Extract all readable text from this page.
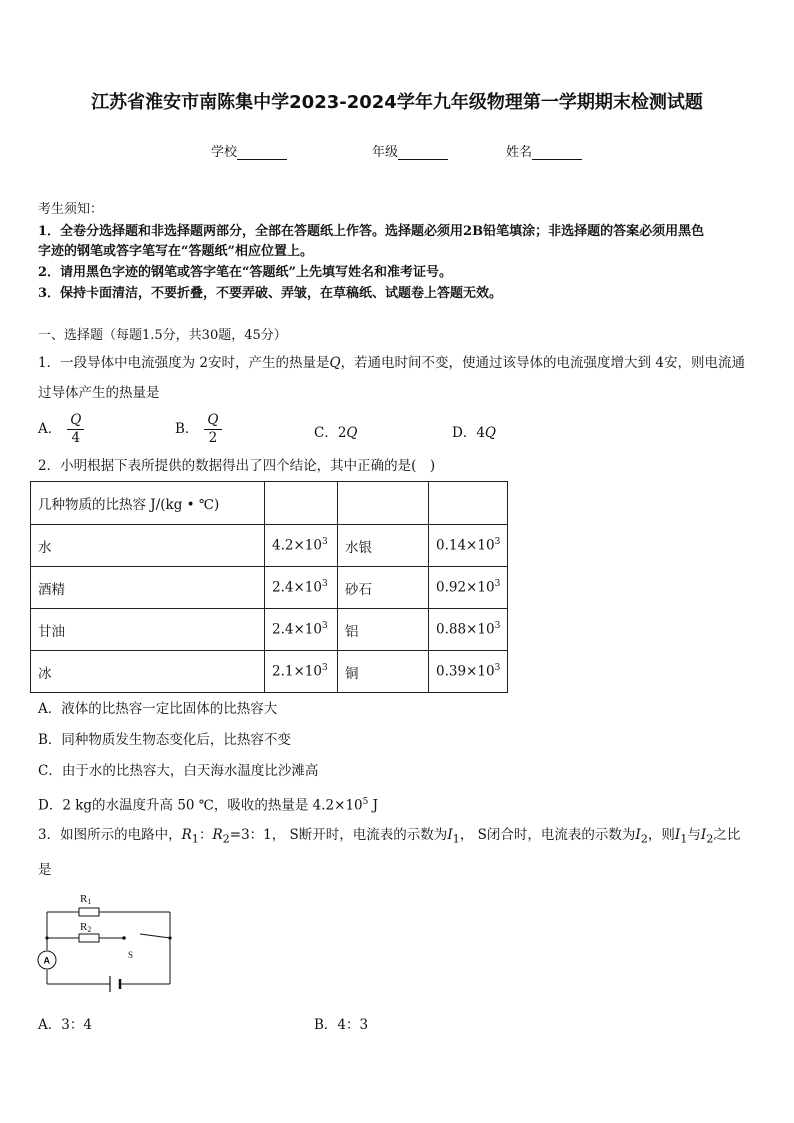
江苏省淮安市南陈集中学2023-2024学年九年级物理第一学期期末检测试题
学校	年级	姓名
考生须知：
1．全卷分选择题和非选择题两部分，全部在答题纸上作答。选择题必须用2B铅笔填涂；非选择题的答案必须用黑色
字迹的钢笔或答字笔写在“答题纸”相应位置上。
2．请用黑色字迹的钢笔或答字笔在“答题纸”上先填写姓名和准考证号。
3．保持卡面清洁，不要折叠，不要弄破、弄皱，在草稿纸、试题卷上答题无效。
一、选择题（每题1.5分，共30题，45分）
1．一段导体中电流强度为 2安时，产生的热量是Q，若通电时间不变，使通过该导体的电流强度增大到 4安，则电流通过导体产生的热量是
A． $\frac{Q}{4}$	B． $\frac{Q}{2}$	C．2Q	D．4Q
2．小明根据下表所提供的数据得出了四个结论，其中正确的是(　)
几种物质的比热容 J/(kg • ℃)			
水	$4.2\times 10^3$	水银	$0.14\times 10^3$
酒精	$2.4\times 10^3$	砂石	$0.92\times 10^3$
甘油	$2.4\times 10^3$	铝	$0.88\times 10^3$
冰	$2.1\times 10^3$	铜	$0.39\times 10^3$
A．液体的比热容一定比固体的比热容大
B．同种物质发生物态变化后，比热容不变
C．由于水的比热容大，白天海水温度比沙滩高
D．2 kg的水温度升高 50 ℃，吸收的热量是 $4.2\times 10^5$ J
3．如图所示的电路中，$R_1$：$R_2=3$：1， S断开时，电流表的示数为$I_1$， S闭合时，电流表的示数为$I_2$，则$I_1$与$I_2$之比
是
R1
R2
S
A
A．3：4	B．4：3
